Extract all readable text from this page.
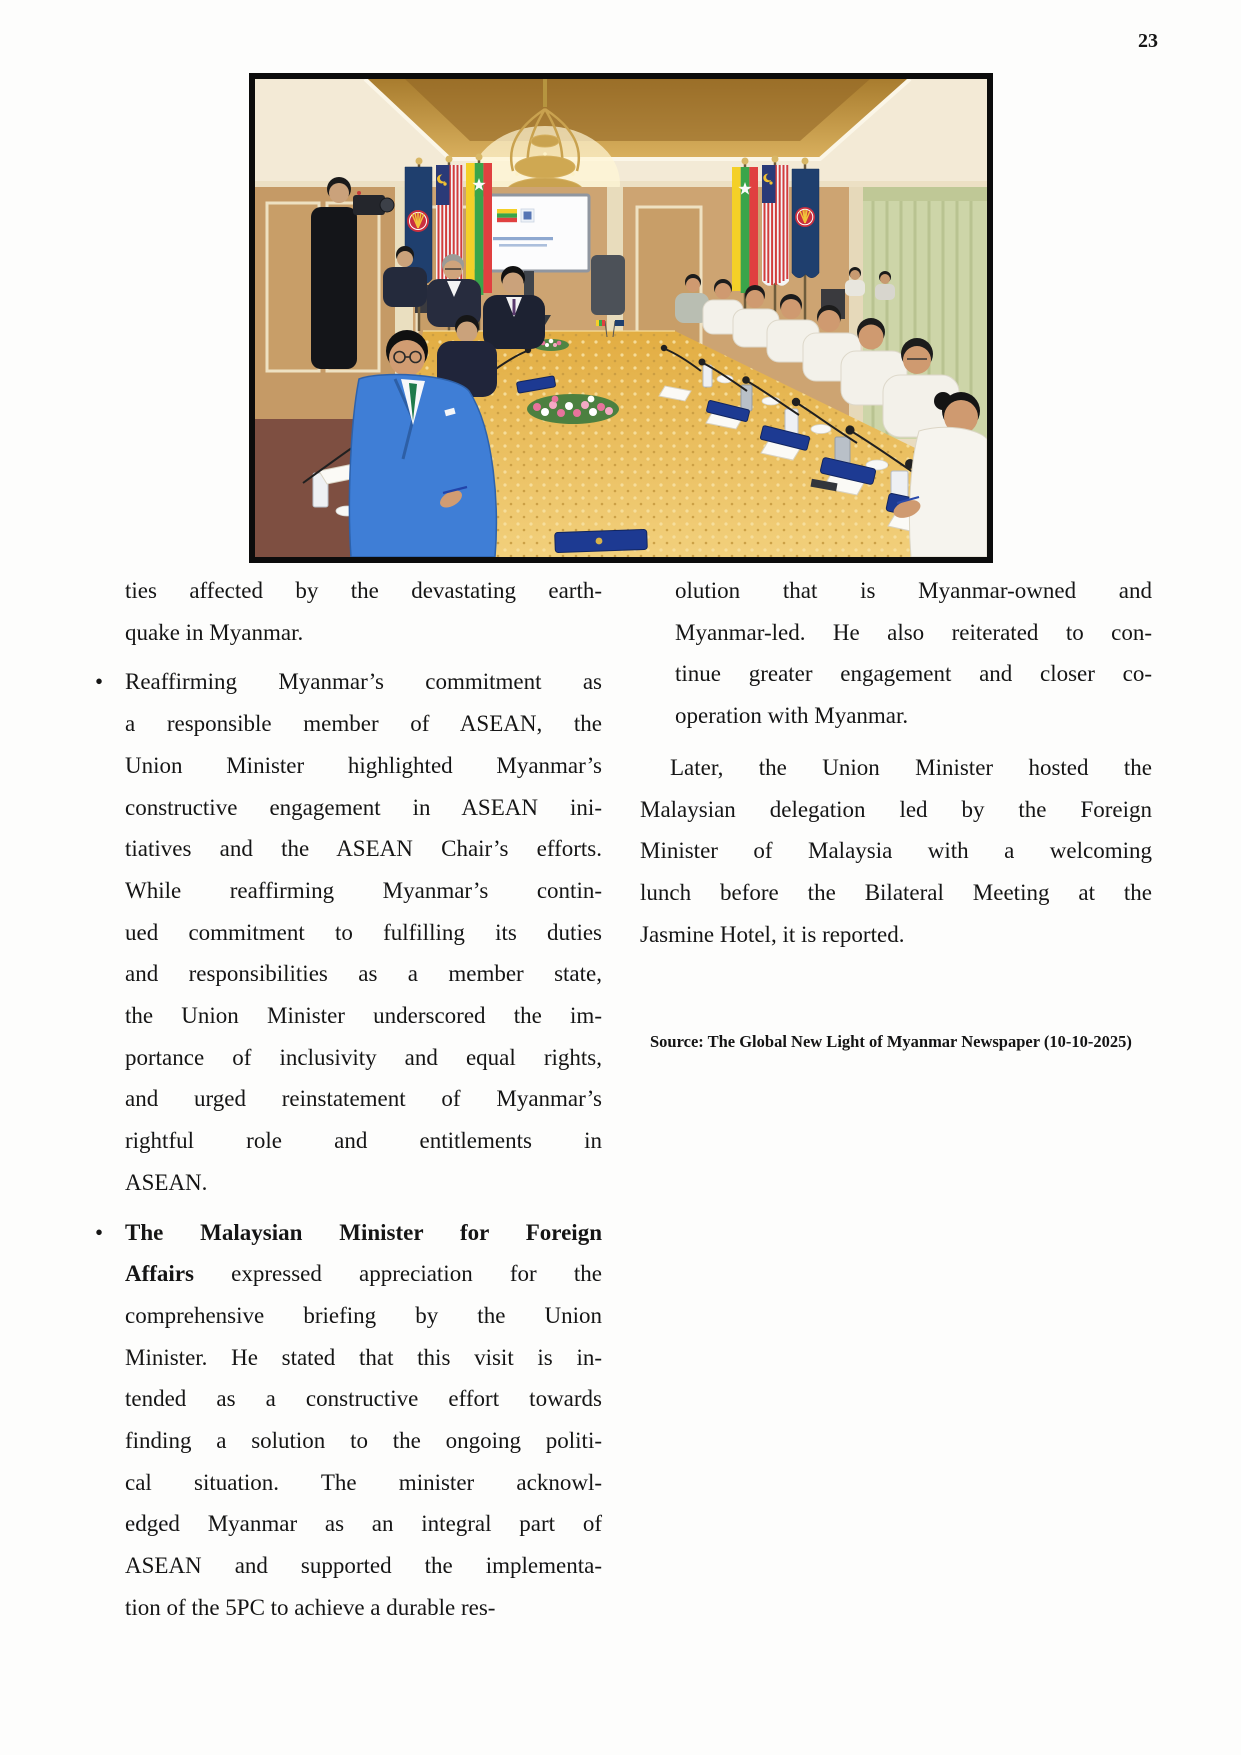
23
ties affected by the devastating earth-
quake in Myanmar.
• Reaffirming Myanmar’s commitment as
a responsible member of ASEAN, the
Union Minister highlighted Myanmar’s
constructive engagement in ASEAN ini-
tiatives and the ASEAN Chair’s efforts.
While reaffirming Myanmar’s contin-
ued commitment to fulfilling its duties
and responsibilities as a member state,
the Union Minister underscored the im-
portance of inclusivity and equal rights,
and urged reinstatement of Myanmar’s
rightful role and entitlements in
ASEAN.
• The Malaysian Minister for Foreign
Affairs expressed appreciation for the
comprehensive briefing by the Union
Minister. He stated that this visit is in-
tended as a constructive effort towards
finding a solution to the ongoing politi-
cal situation. The minister acknowl-
edged Myanmar as an integral part of
ASEAN and supported the implementa-
tion of the 5PC to achieve a durable res-
olution that is Myanmar-owned and
Myanmar-led. He also reiterated to con-
tinue greater engagement and closer co-
operation with Myanmar.
Later, the Union Minister hosted the
Malaysian delegation led by the Foreign
Minister of Malaysia with a welcoming
lunch before the Bilateral Meeting at the
Jasmine Hotel, it is reported.
Source: The Global New Light of Myanmar Newspaper (10-10-2025)
